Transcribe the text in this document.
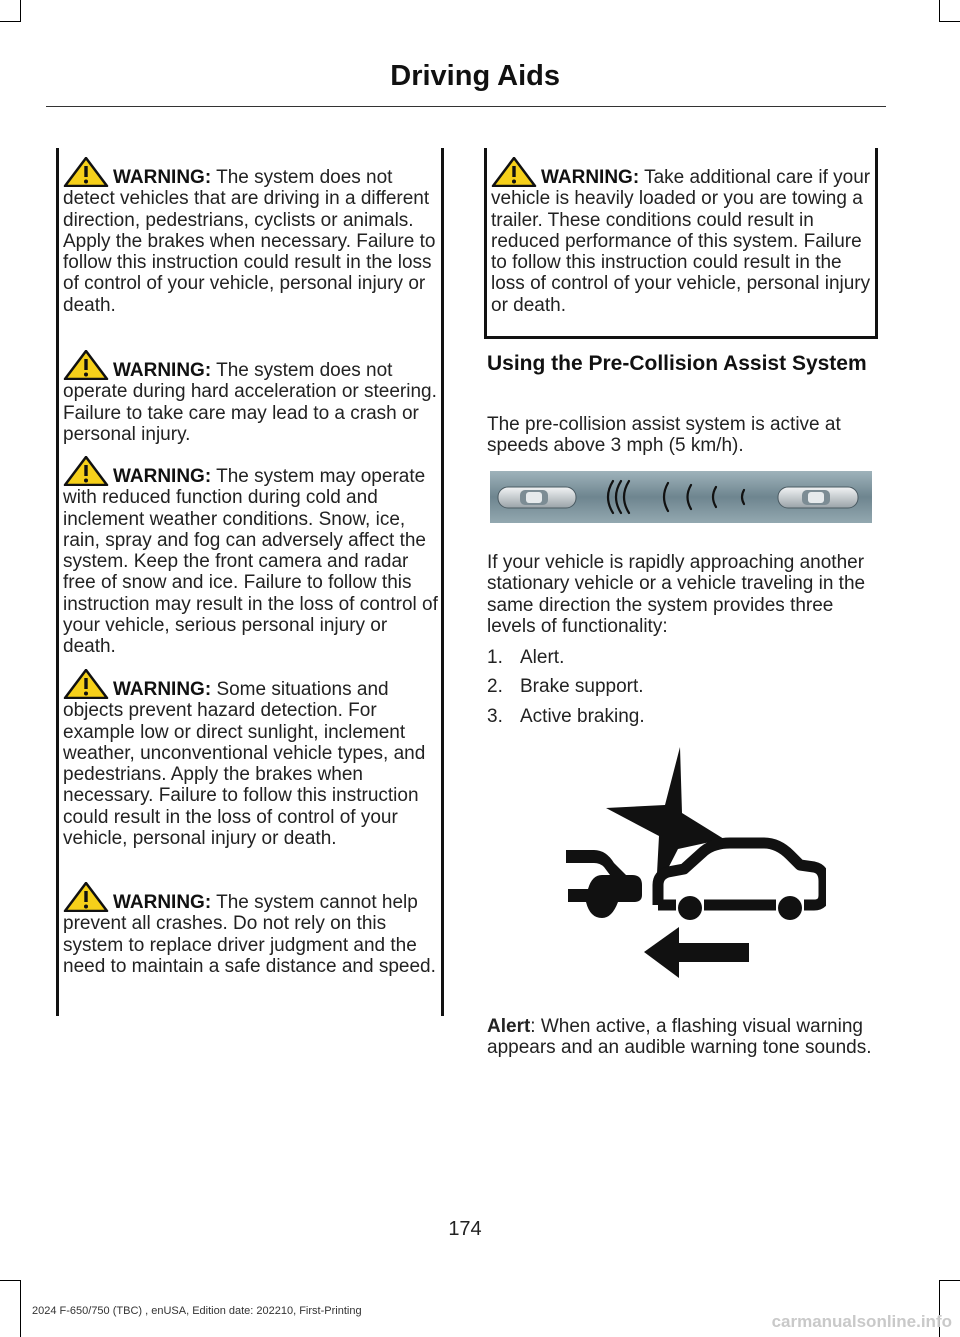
Driving Aids
WARNING: The system does not detect vehicles that are driving in a different direction, pedestrians, cyclists or animals. Apply the brakes when necessary. Failure to follow this instruction could result in the loss of control of your vehicle, personal injury or death.
WARNING: The system does not operate during hard acceleration or steering. Failure to take care may lead to a crash or personal injury.
WARNING: The system may operate with reduced function during cold and inclement weather conditions. Snow, ice, rain, spray and fog can adversely affect the system. Keep the front camera and radar free of snow and ice. Failure to follow this instruction may result in the loss of control of your vehicle, serious personal injury or death.
WARNING: Some situations and objects prevent hazard detection. For example low or direct sunlight, inclement weather, unconventional vehicle types, and pedestrians. Apply the brakes when necessary. Failure to follow this instruction could result in the loss of control of your vehicle, personal injury or death.
WARNING: The system cannot help prevent all crashes. Do not rely on this system to replace driver judgment and the need to maintain a safe distance and speed.
WARNING: Take additional care if your vehicle is heavily loaded or you are towing a trailer. These conditions could result in reduced performance of this system. Failure to follow this instruction could result in the loss of control of your vehicle, personal injury or death.
Using the Pre-Collision Assist System
The pre-collision assist system is active at speeds above 3 mph (5 km/h).
If your vehicle is rapidly approaching another stationary vehicle or a vehicle traveling in the same direction the system provides three levels of functionality:
1. Alert.
2. Brake support.
3. Active braking.
Alert: When active, a flashing visual warning appears and an audible warning tone sounds.
174
2024 F-650/750 (TBC) , enUSA, Edition date: 202210, First-Printing
carmanualsonline.info
